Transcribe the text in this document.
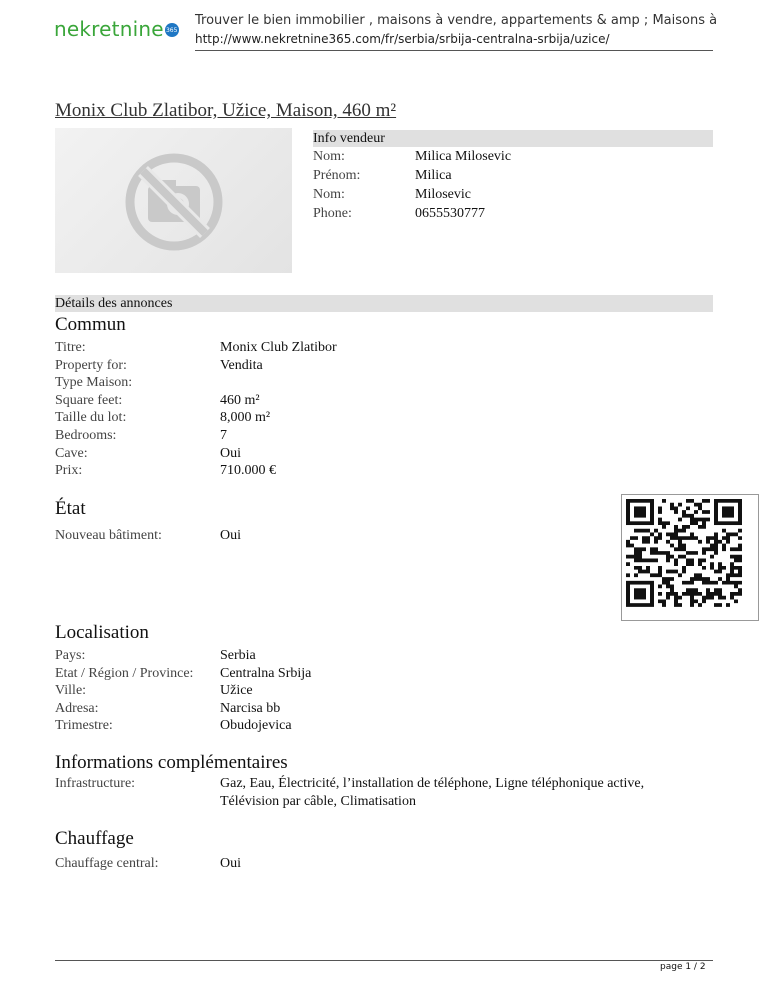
nekretnine 365
Trouver le bien immobilier , maisons à vendre, appartements & amp ; Maisons à
http://www.nekretnine365.com/fr/serbia/srbija-centralna-srbija/uzice/
Monix Club Zlatibor, Užice, Maison, 460 m²
Info vendeur
Nom:	Milica Milosevic
Prénom:	Milica
Nom:	Milosevic
Phone:	0655530777
Détails des annonces
Commun
Titre:	Monix Club Zlatibor
Property for:	Vendita
Type Maison:
Square feet:	460 m²
Taille du lot:	8,000 m²
Bedrooms:	7
Cave:	Oui
Prix:	710.000 €
État
Nouveau bâtiment:	Oui
Localisation
Pays:	Serbia
Etat / Région / Province: Centralna Srbija
Ville:	Užice
Adresa:	Narcisa bb
Trimestre:	Obudojevica
Informations complémentaires
Infrastructure:	Gaz, Eau, Électricité, l’installation de téléphone, Ligne téléphonique active,
Télévision par câble, Climatisation
Chauffage
Chauffage central:	Oui
page 1 / 2
